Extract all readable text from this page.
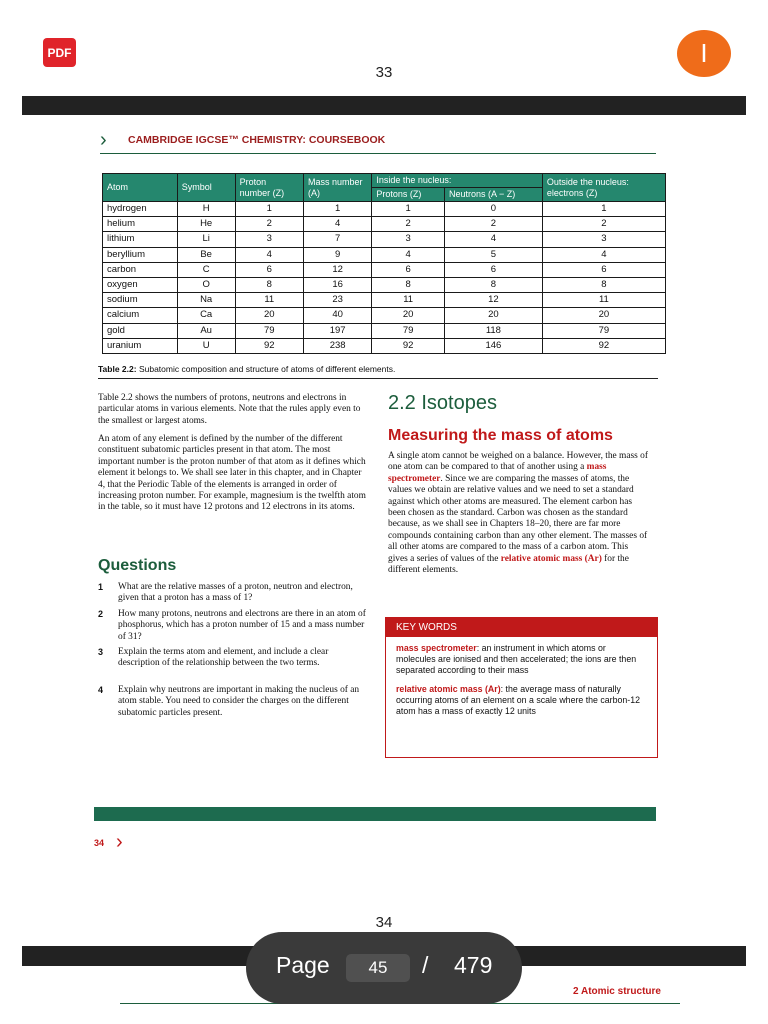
PDF	I
33
› CAMBRIDGE IGCSE™ CHEMISTRY: COURSEBOOK
Atom	Symbol	Proton number (Z)	Mass number (A)	Inside the nucleus:		Outside the nucleus: electrons (Z)
				Protons (Z)	Neutrons (A − Z)	
hydrogen	H	1	1	1	0	1
helium	He	2	4	2	2	2
lithium	Li	3	7	3	4	3
beryllium	Be	4	9	4	5	4
carbon	C	6	12	6	6	6
oxygen	O	8	16	8	8	8
sodium	Na	11	23	11	12	11
calcium	Ca	20	40	20	20	20
gold	Au	79	197	79	118	79
uranium	U	92	238	92	146	92
Table 2.2: Subatomic composition and structure of atoms of different elements.
Table 2.2 shows the numbers of protons, neutrons and electrons in particular atoms in various elements. Note that the rules apply even to the smallest or largest atoms.
An atom of any element is defined by the number of the different constituent subatomic particles present in that atom. The most important number is the proton number of that atom as it defines which element it belongs to. We shall see later in this chapter, and in Chapter 4, that the Periodic Table of the elements is arranged in order of increasing proton number. For example, magnesium is the twelfth atom in the table, so it must have 12 protons and 12 electrons in its atoms.
Questions
1 What are the relative masses of a proton, neutron and electron, given that a proton has a mass of 1?
2 How many protons, neutrons and electrons are there in an atom of phosphorus, which has a proton number of 15 and a mass number of 31?
3 Explain the terms atom and element, and include a clear description of the relationship between the two terms.
4 Explain why neutrons are important in making the nucleus of an atom stable. You need to consider the charges on the different subatomic particles present.
2.2 Isotopes
Measuring the mass of atoms
A single atom cannot be weighed on a balance. However, the mass of one atom can be compared to that of another using a mass spectrometer. Since we are comparing the masses of atoms, the values we obtain are relative values and we need to set a standard against which other atoms are measured. The element carbon has been chosen as the standard. Carbon was chosen as the standard because, as we shall see in Chapters 18–20, there are far more compounds containing carbon than any other element. The masses of all other atoms are compared to the mass of a carbon atom. This gives a series of values of the relative atomic mass (Ar) for the different elements.
KEY WORDS

mass spectrometer: an instrument in which atoms or molecules are ionised and then accelerated; the ions are then separated according to their mass

relative atomic mass (Ar): the average mass of naturally occurring atoms of an element on a scale where the carbon-12 atom has a mass of exactly 12 units

34 ›
34
2 Atomic structure
Page	45	/ 479
